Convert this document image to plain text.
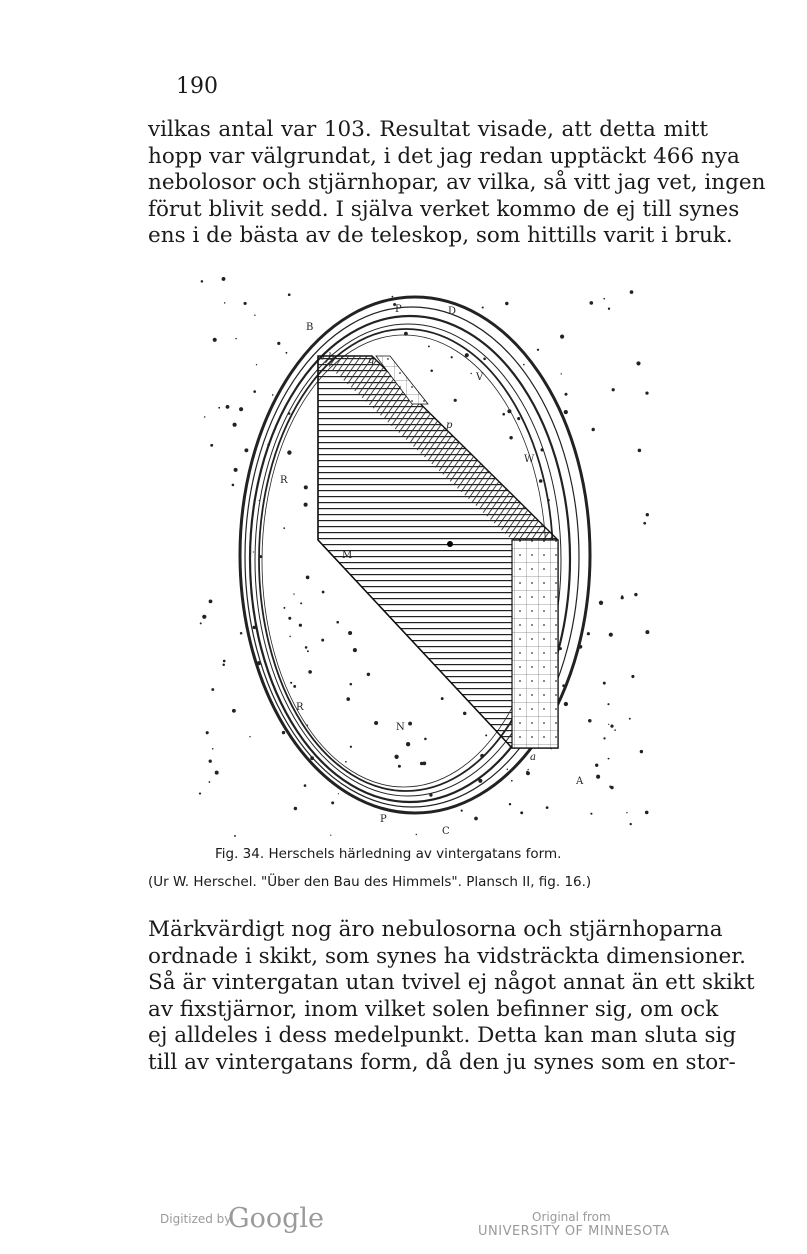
190
vilkas antal var 103. Resultat visade, att detta mitt
hopp var välgrundat, i det jag redan upptäckt 466 nya
nebolosor och stjärnhopar, av vilka, så vitt jag vet, ingen
förut blivit sedd. I själva verket kommo de ej till synes
ens i de bästa av de teleskop, som hittills varit i bruk.
B
P	D
b	q
V
p
W
R
M
R
N
a
A
P
C
Fig. 34. Herschels härledning av vintergatans form.
(Ur W. Herschel. "Über den Bau des Himmels". Plansch II, fig. 16.)
Märkvärdigt nog äro nebulosorna och stjärnhoparna
ordnade i skikt, som synes ha vidsträckta dimensioner.
Så är vintergatan utan tvivel ej något annat än ett skikt
av fixstjärnor, inom vilket solen befinner sig, om ock
ej alldeles i dess medelpunkt. Detta kan man sluta sig
till av vintergatans form, då den ju synes som en stor-
Digitized by
Google	Original from
UNIVERSITY OF MINNESOTA
